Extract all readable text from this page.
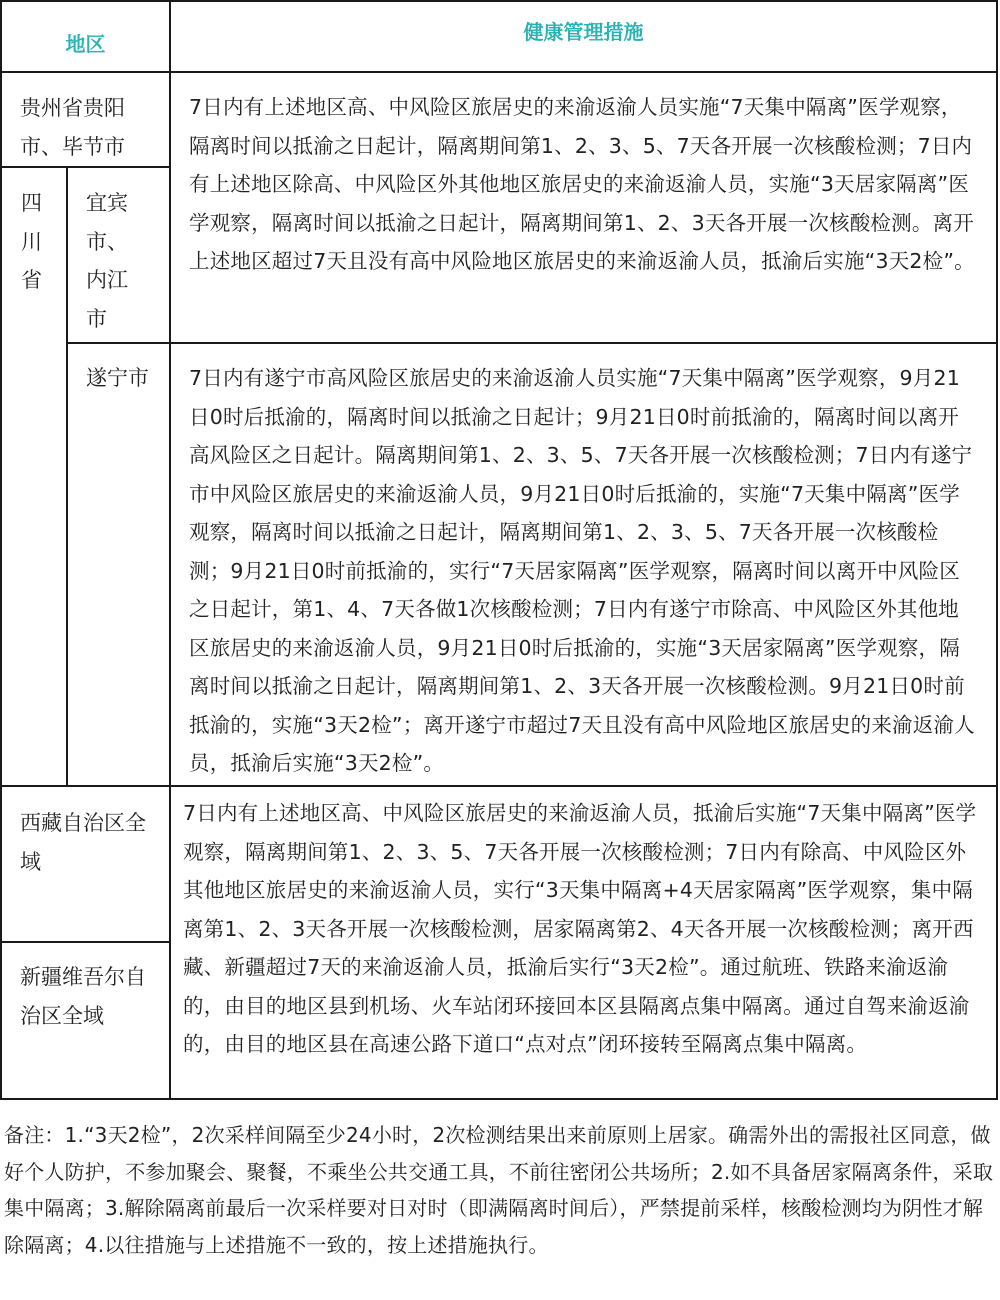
地区	健康管理措施
贵州省贵阳市、毕节市
四川省
宜宾市、内江市
遂宁市
西藏自治区全域
新疆维吾尔自治区全域
7日内有上述地区高、中风险区旅居史的来渝返渝人员实施“7天集中隔离”医学观察，隔离时间以抵渝之日起计，隔离期间第1、2、3、5、7天各开展一次核酸检测；7日内有上述地区除高、中风险区外其他地区旅居史的来渝返渝人员，实施“3天居家隔离”医学观察，隔离时间以抵渝之日起计，隔离期间第1、2、3天各开展一次核酸检测。离开上述地区超过7天且没有高中风险地区旅居史的来渝返渝人员，抵渝后实施“3天2检”。
7日内有遂宁市高风险区旅居史的来渝返渝人员实施“7天集中隔离”医学观察，9月21日0时后抵渝的，隔离时间以抵渝之日起计；9月21日0时前抵渝的，隔离时间以离开高风险区之日起计。隔离期间第1、2、3、5、7天各开展一次核酸检测；7日内有遂宁市中风险区旅居史的来渝返渝人员，9月21日0时后抵渝的，实施“7天集中隔离”医学观察，隔离时间以抵渝之日起计，隔离期间第1、2、3、5、7天各开展一次核酸检测；9月21日0时前抵渝的，实行“7天居家隔离”医学观察，隔离时间以离开中风险区之日起计，第1、4、7天各做1次核酸检测；7日内有遂宁市除高、中风险区外其他地区旅居史的来渝返渝人员，9月21日0时后抵渝的，实施“3天居家隔离”医学观察，隔离时间以抵渝之日起计，隔离期间第1、2、3天各开展一次核酸检测。9月21日0时前抵渝的，实施“3天2检”；离开遂宁市超过7天且没有高中风险地区旅居史的来渝返渝人员，抵渝后实施“3天2检”。
7日内有上述地区高、中风险区旅居史的来渝返渝人员，抵渝后实施“7天集中隔离”医学观察，隔离期间第1、2、3、5、7天各开展一次核酸检测；7日内有除高、中风险区外其他地区旅居史的来渝返渝人员，实行“3天集中隔离+4天居家隔离”医学观察，集中隔离第1、2、3天各开展一次核酸检测，居家隔离第2、4天各开展一次核酸检测；离开西藏、新疆超过7天的来渝返渝人员，抵渝后实行“3天2检”。通过航班、铁路来渝返渝的，由目的地区县到机场、火车站闭环接回本区县隔离点集中隔离。通过自驾来渝返渝的，由目的地区县在高速公路下道口“点对点”闭环接转至隔离点集中隔离。
备注：1.“3天2检”，2次采样间隔至少24小时，2次检测结果出来前原则上居家。确需外出的需报社区同意，做好个人防护，不参加聚会、聚餐，不乘坐公共交通工具，不前往密闭公共场所；2.如不具备居家隔离条件，采取集中隔离；3.解除隔离前最后一次采样要对日对时（即满隔离时间后），严禁提前采样，核酸检测均为阴性才解除隔离；4.以往措施与上述措施不一致的，按上述措施执行。
